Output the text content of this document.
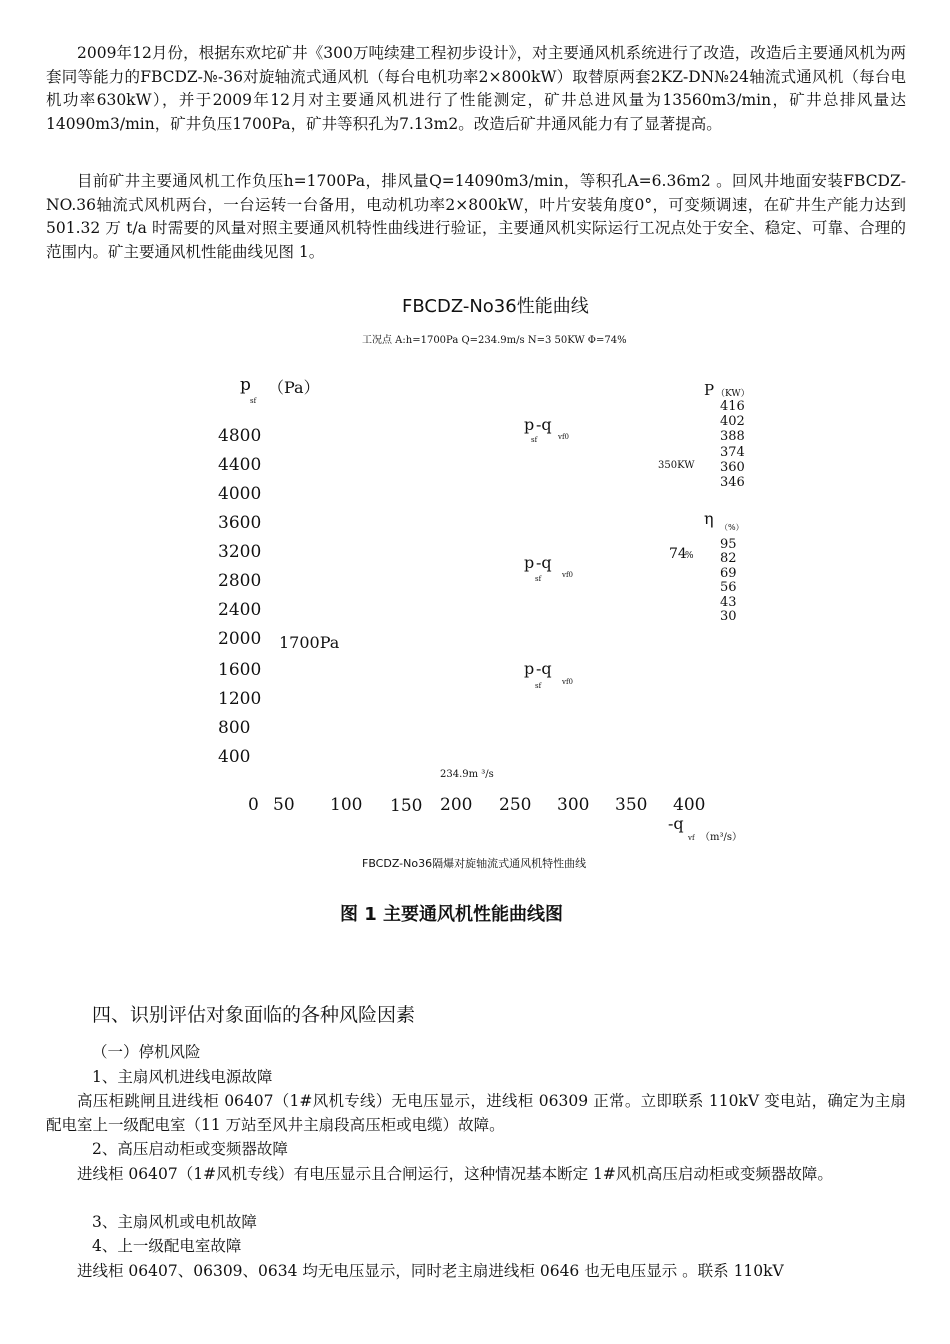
2009年12月份，根据东欢坨矿井《300万吨续建工程初步设计》，对主要通风机系统进行了改造，改造后主要通风机为两套同等能力的FBCDZ-№-36对旋轴流式通风机（每台电机功率2×800kW）取替原两套2KZ-DN№24轴流式通风机（每台电机功率630kW），并于2009年12月对主要通风机进行了性能测定，矿井总进风量为13560m3/min，矿井总排风量达14090m3/min，矿井负压1700Pa，矿井等积孔为7.13m2。改造后矿井通风能力有了显著提高。

目前矿井主要通风机工作负压h=1700Pa，排风量Q=14090m3/min，等积孔A=6.36m2 。回风井地面安装FBCDZ-NO.36轴流式风机两台，一台运转一台备用，电动机功率2×800kW，叶片安装角度0°，可变频调速，在矿井生产能力达到 501.32 万 t/a 时需要的风量对照主要通风机特性曲线进行验证，主要通风机实际运行工况点处于安全、稳定、可靠、合理的范围内。矿主要通风机性能曲线见图 1。

FBCDZ-No36性能曲线

工况点 A:h=1700Pa Q=234.9m/s N=3 50KW Φ=74%

p
sf
（Pa）
4800
4400
4000
3600
3200
2800
2400
2000
1600
1200
800
400
1700Pa
p -q
sf	vf0
p -q
sf	vf0
p -q
sf	vf0
350KW
74
%
P （KW）
416
402
388
374
360
346
η （%）
95
82
69
56
43
30
234.9m ³/s
0 50 100 150 200 250 300 350 400
-q
vf （m³/s）

FBCDZ-No36隔爆对旋轴流式通风机特性曲线

图 1 主要通风机性能曲线图

四、识别评估对象面临的各种风险因素

（一）停机风险

1、主扇风机进线电源故障

高压柜跳闸且进线柜 06407（1#风机专线）无电压显示，进线柜 06309 正常。立即联系 110kV 变电站，确定为主扇配电室上一级配电室（11 万站至风井主扇段高压柜或电缆）故障。

2、高压启动柜或变频器故障

进线柜 06407（1#风机专线）有电压显示且合闸运行，这种情况基本断定 1#风机高压启动柜或变频器故障。

3、主扇风机或电机故障

4、上一级配电室故障

进线柜 06407、06309、0634 均无电压显示，同时老主扇进线柜 0646 也无电压显示 。联系 110kV
